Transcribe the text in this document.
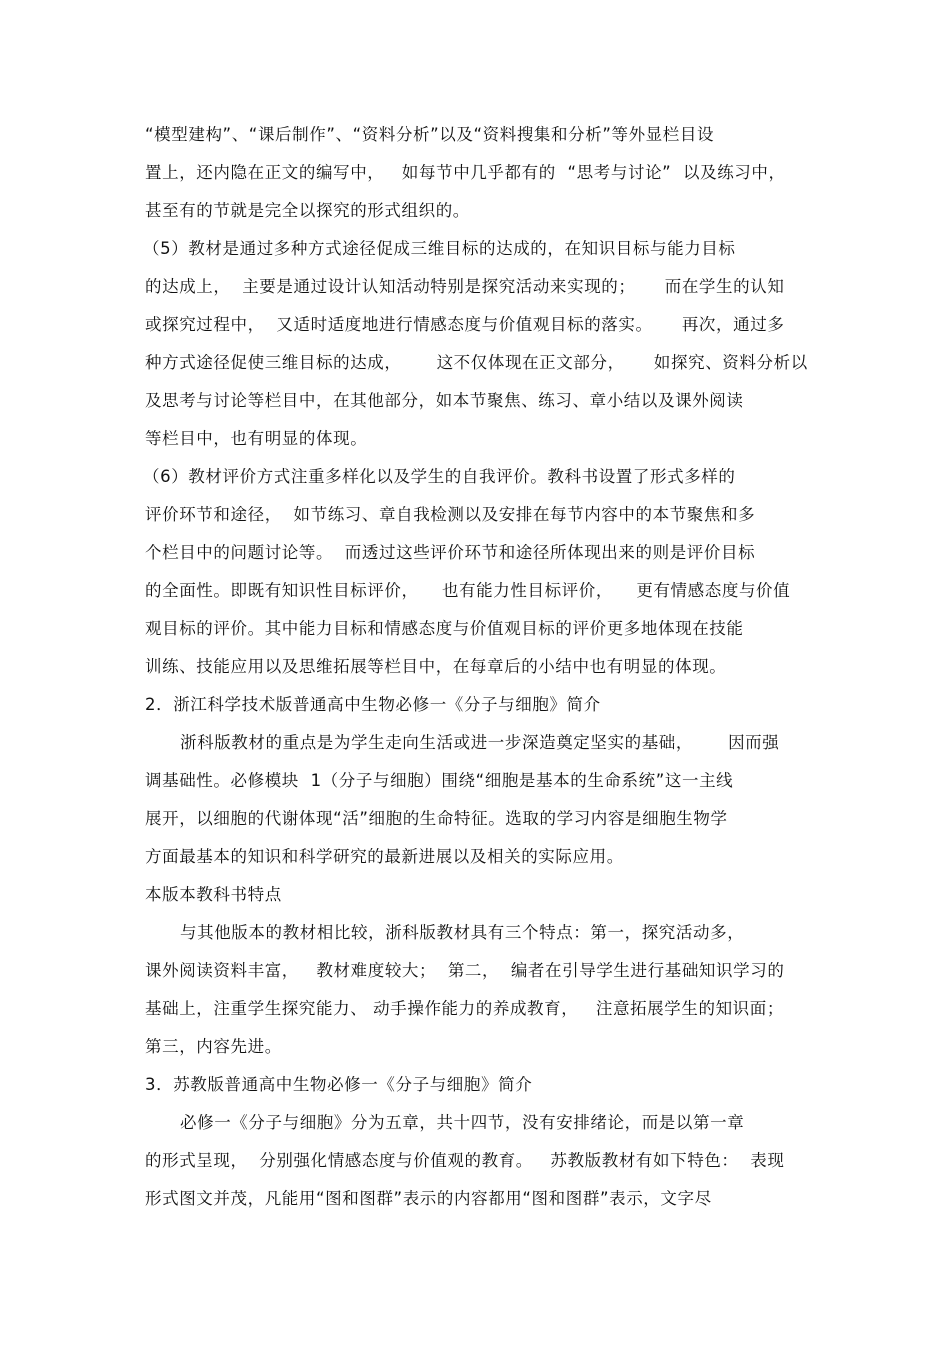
“模型建构”、“课后制作”、“资料分析”以及“资料搜集和分析”等外显栏目设
置上，还内隐在正文的编写中，   如每节中几乎都有的  “思考与讨论”  以及练习中，
甚至有的节就是完全以探究的形式组织的。
（5）教材是通过多种方式途径促成三维目标的达成的，在知识目标与能力目标
的达成上，  主要是通过设计认知活动特别是探究活动来实现的；     而在学生的认知
或探究过程中，  又适时适度地进行情感态度与价值观目标的落实。     再次，通过多
种方式途径促使三维目标的达成，      这不仅体现在正文部分，     如探究、资料分析以
及思考与讨论等栏目中，在其他部分，如本节聚焦、练习、章小结以及课外阅读
等栏目中，也有明显的体现。
（6）教材评价方式注重多样化以及学生的自我评价。教科书设置了形式多样的
评价环节和途径，  如节练习、章自我检测以及安排在每节内容中的本节聚焦和多
个栏目中的问题讨论等。  而透过这些评价环节和途径所体现出来的则是评价目标
的全面性。即既有知识性目标评价，    也有能力性目标评价，    更有情感态度与价值
观目标的评价。其中能力目标和情感态度与价值观目标的评价更多地体现在技能
训练、技能应用以及思维拓展等栏目中，在每章后的小结中也有明显的体现。
2．浙江科学技术版普通高中生物必修一《分子与细胞》简介
浙科版教材的重点是为学生走向生活或进一步深造奠定坚实的基础，      因而强
调基础性。必修模块  1（分子与细胞）围绕“细胞是基本的生命系统”这一主线
展开，以细胞的代谢体现“活”细胞的生命特征。选取的学习内容是细胞生物学
方面最基本的知识和科学研究的最新进展以及相关的实际应用。
本版本教科书特点
与其他版本的教材相比较，浙科版教材具有三个特点：第一，探究活动多，
课外阅读资料丰富，   教材难度较大；  第二，  编者在引导学生进行基础知识学习的
基础上，注重学生探究能力、 动手操作能力的养成教育，   注意拓展学生的知识面；
第三，内容先进。
3．苏教版普通高中生物必修一《分子与细胞》简介
必修一《分子与细胞》分为五章，共十四节，没有安排绪论，而是以第一章
的形式呈现，  分别强化情感态度与价值观的教育。   苏教版教材有如下特色：  表现
形式图文并茂，凡能用“图和图群”表示的内容都用“图和图群”表示，文字尽
